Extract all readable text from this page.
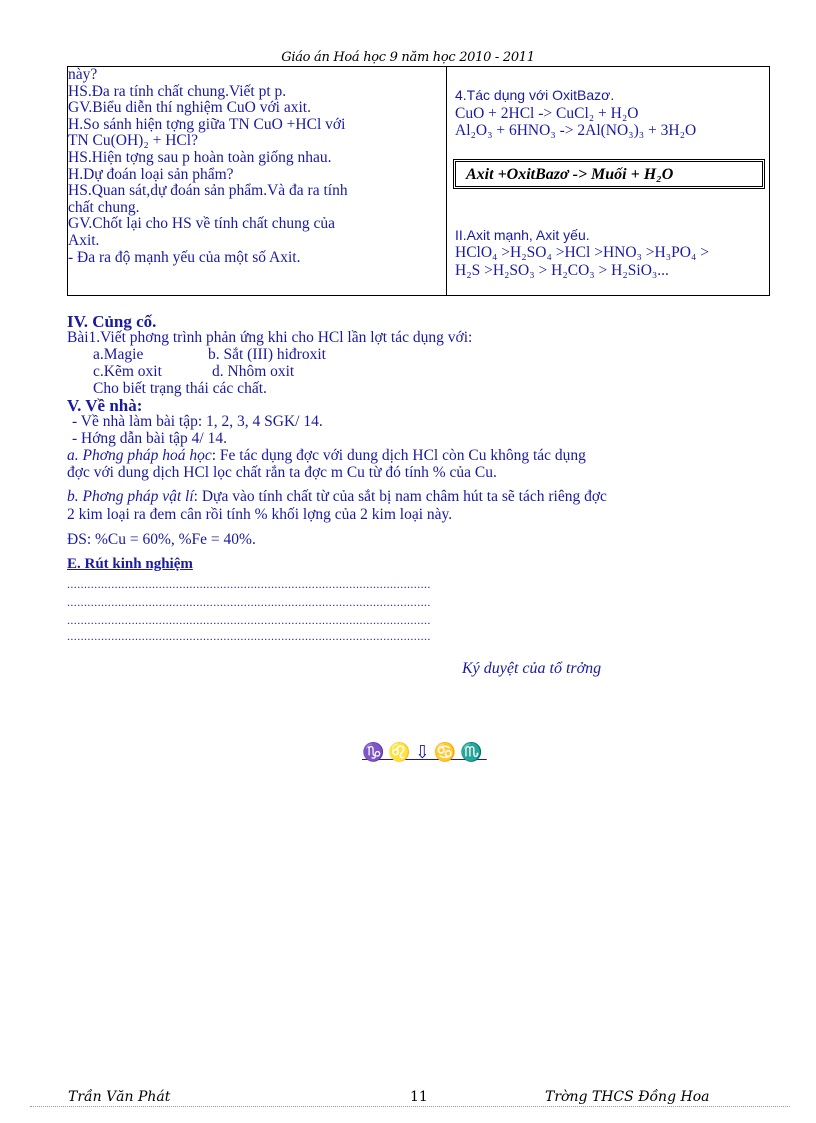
Giáo án Hoá học 9 năm học 2010 - 2011
này?
HS.Đa ra tính chất chung.Viết pt p.
GV.Biểu diễn thí nghiệm CuO với axit.
H.So sánh hiện tợng giữa TN CuO +HCl với
TN Cu(OH)₂ + HCl?
HS.Hiện tợng sau p hoàn toàn giống nhau.
H.Dự đoán loại sản phẩm?
HS.Quan sát,dự đoán sản phẩm.Và đa ra tính
chất chung.
GV.Chốt lại cho HS về tính chất chung của
Axit.
- Đa ra độ mạnh yếu của một số Axit.

4.Tác dụng với OxitBazơ.
CuO + 2HCl -> CuCl₂ + H₂O
Al₂O₃ + 6HNO₃ -> 2Al(NO₃)₃ + 3H₂O
Axit +OxitBazơ -> Muối + H₂O
II.Axit mạnh, Axit yếu.
HClO₄ >H₂SO₄ >HCl >HNO₃ >H₃PO₄ >
H₂S >H₂SO₃ > H₂CO₃ > H₂SiO₃...
IV. Củng cố.
Bài1.Viết phơng trình phản ứng khi cho HCl lần lợt tác dụng với:
a.Magie	b. Sắt (III) hiđroxit
c.Kẽm oxit	d. Nhôm oxit
Cho biết trạng thái các chất.
V. Về nhà:
- Về nhà làm bài tập: 1, 2, 3, 4 SGK/ 14.
- Hớng dẫn bài tập 4/ 14.
a. Phơng pháp hoá học: Fe tác dụng đợc với dung dịch HCl còn Cu không tác dụng
đợc với dung dịch HCl lọc chất rắn ta đợc m Cu từ đó tính % của Cu.
b. Phơng pháp vật lí: Dựa vào tính chất từ của sắt bị nam châm hút ta sẽ tách riêng đợc
2 kim loại ra đem cân rồi tính % khối lợng của 2 kim loại này.
ĐS: %Cu = 60%, %Fe = 40%.
E. Rút kinh nghiệm
...........................................................................................................
...........................................................................................................
...........................................................................................................
...........................................................................................................
Ký duyệt của tổ trởng
♑♌⇩♋♏
Trần Văn Phát	11	Trờng THCS Đồng Hoa
